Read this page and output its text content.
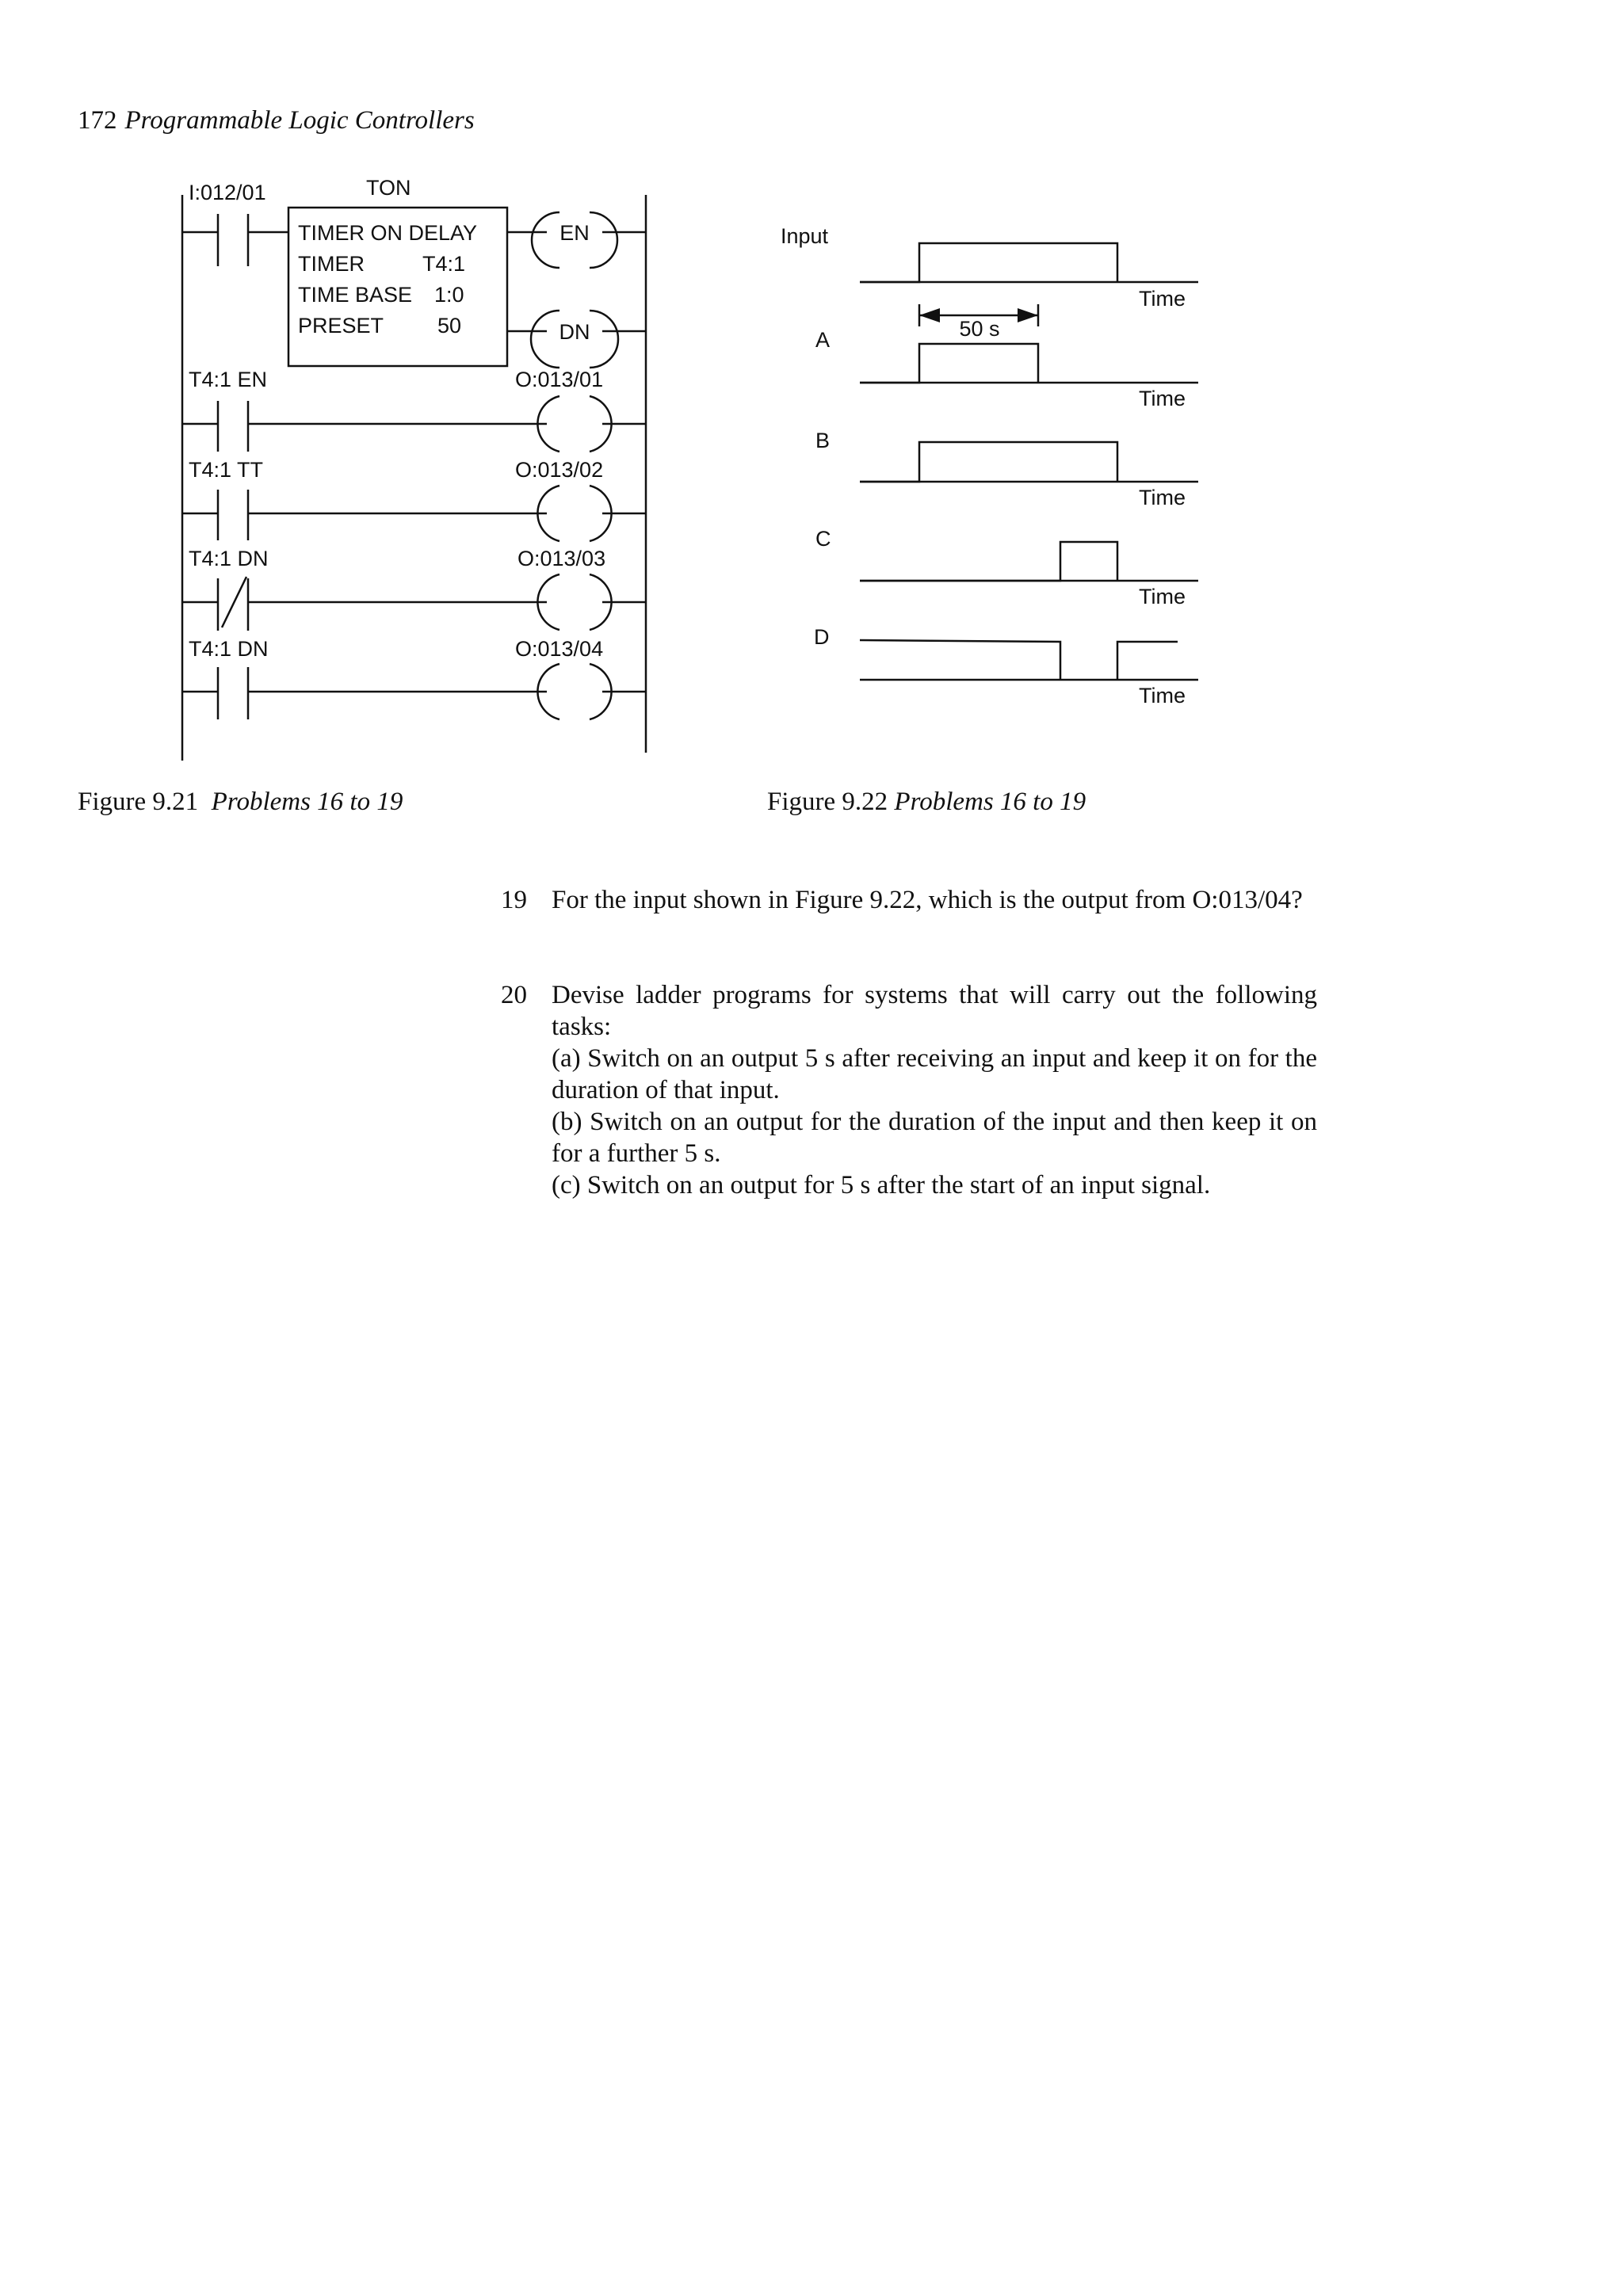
172 Programmable Logic Controllers
I:012/01	TON
TIMER ON DELAY
TIMER	T4:1
TIME BASE 1:0
PRESET	50
EN
DN
T4:1 EN	O:013/01
T4:1 TT	O:013/02
T4:1 DN	O:013/03
T4:1 DN	O:013/04
Input
Time
50 s
A
Time
B
Time
C
Time
D
Time
Figure 9.21 Problems 16 to 19	Figure 9.22 Problems 16 to 19
19 For the input shown in Figure 9.22, which is the output from O:013/04?
20 Devise ladder programs for systems that will carry out the following tasks:
(a) Switch on an output 5 s after receiving an input and keep it on for the duration of that input.
(b) Switch on an output for the duration of the input and then keep it on for a further 5 s.
(c) Switch on an output for 5 s after the start of an input signal.
